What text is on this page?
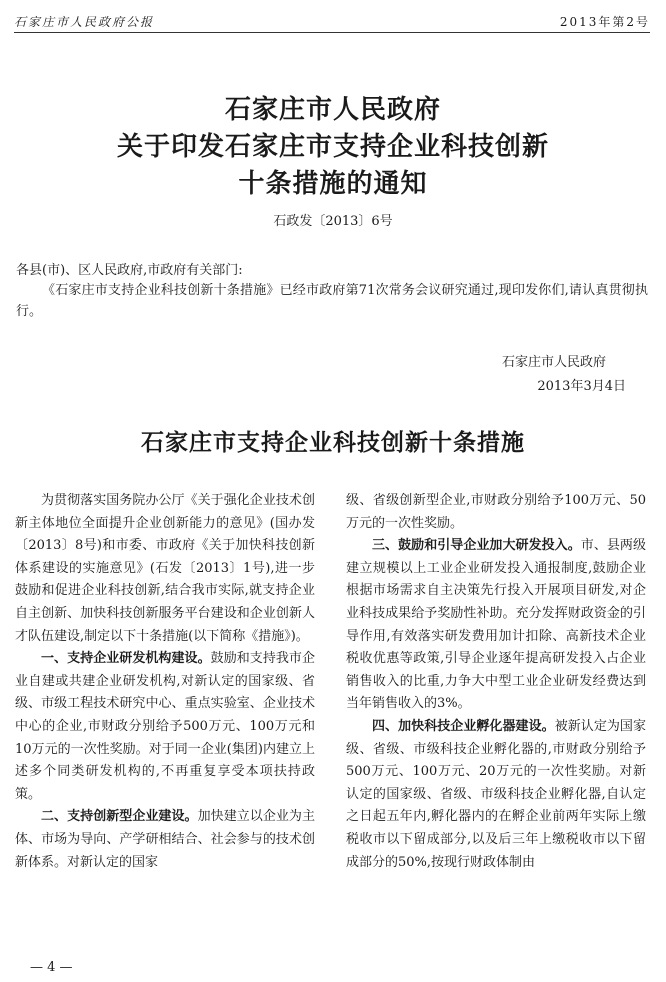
石家庄市人民政府公报	2013年第2号
石家庄市人民政府
关于印发石家庄市支持企业科技创新
十条措施的通知
石政发〔2013〕6号
各县(市)、区人民政府,市政府有关部门:
《石家庄市支持企业科技创新十条措施》已经市政府第71次常务会议研究通过,现印发你们,请认真贯彻执行。
石家庄市人民政府
2013年3月4日
石家庄市支持企业科技创新十条措施

为贯彻落实国务院办公厅《关于强化企业技术创新主体地位全面提升企业创新能力的意见》(国办发〔2013〕8号)和市委、市政府《关于加快科技创新体系建设的实施意见》(石发〔2013〕1号),进一步鼓励和促进企业科技创新,结合我市实际,就支持企业自主创新、加快科技创新服务平台建设和企业创新人才队伍建设,制定以下十条措施(以下简称《措施》)。

一、支持企业研发机构建设。鼓励和支持我市企业自建或共建企业研发机构,对新认定的国家级、省级、市级工程技术研究中心、重点实验室、企业技术中心的企业,市财政分别给予500万元、100万元和10万元的一次性奖励。对于同一企业(集团)内建立上述多个同类研发机构的,不再重复享受本项扶持政策。

二、支持创新型企业建设。加快建立以企业为主体、市场为导向、产学研相结合、社会参与的技术创新体系。对新认定的国家

级、省级创新型企业,市财政分别给予100万元、50万元的一次性奖励。

三、鼓励和引导企业加大研发投入。市、县两级建立规模以上工业企业研发投入通报制度,鼓励企业根据市场需求自主决策先行投入开展项目研发,对企业科技成果给予奖励性补助。充分发挥财政资金的引导作用,有效落实研发费用加计扣除、高新技术企业税收优惠等政策,引导企业逐年提高研发投入占企业销售收入的比重,力争大中型工业企业研发经费达到当年销售收入的3%。

四、加快科技企业孵化器建设。被新认定为国家级、省级、市级科技企业孵化器的,市财政分别给予500万元、100万元、20万元的一次性奖励。对新认定的国家级、省级、市级科技企业孵化器,自认定之日起五年内,孵化器内的在孵企业前两年实际上缴税收市以下留成部分,以及后三年上缴税收市以下留成部分的50%,按现行财政体制由

— 4 —
